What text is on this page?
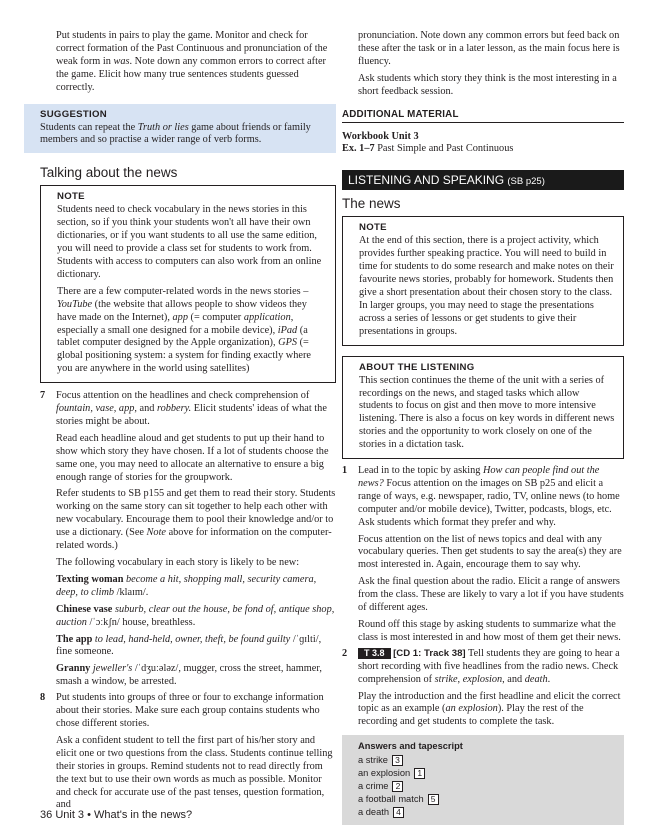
Put students in pairs to play the game. Monitor and check for correct formation of the Past Continuous and pronunciation of the weak form in was. Note down any common errors to correct after the game. Elicit how many true sentences students guessed correctly.

SUGGESTION

Students can repeat the Truth or lies game about friends or family members and so practise a wider range of verb forms.

Talking about the news
NOTE

Students need to check vocabulary in the news stories in this section, so if you think your students won't all have their own dictionaries, or if you want students to all use the same edition, you will need to provide a class set for students to work from. Students with access to computers can also work from an online dictionary.

There are a few computer-related words in the news stories – YouTube (the website that allows people to show videos they have made on the Internet), app (= computer application, especially a small one designed for a mobile device), iPad (a tablet computer designed by the Apple organization), GPS (= global positioning system: a system for finding exactly where you are anywhere in the world using satellites)

7 Focus attention on the headlines and check comprehension of fountain, vase, app, and robbery. Elicit students' ideas of what the stories might be about.

Read each headline aloud and get students to put up their hand to show which story they have chosen. If a lot of students choose the same one, you may need to allocate an alternative to ensure a big enough range of stories for the groupwork.

Refer students to SB p155 and get them to read their story. Students working on the same story can sit together to help each other with new vocabulary. Encourage them to pool their knowledge and/or to use a dictionary. (See Note above for information on the computer-related words.)

The following vocabulary in each story is likely to be new:

Texting woman become a hit, shopping mall, security camera, deep, to climb /klaɪm/.

Chinese vase suburb, clear out the house, be fond of, antique shop, auction /ˈɔːkʃn/ house, breathless.

The app to lead, hand-held, owner, theft, be found guilty /ˈɡɪlti/, fine someone.

Granny jeweller's /ˈdʒuːələz/, mugger, cross the street, hammer, smash a window, be arrested.

8 Put students into groups of three or four to exchange information about their stories. Make sure each group contains students who chose different stories.

Ask a confident student to tell the first part of his/her story and elicit one or two questions from the class. Students continue telling their stories in groups. Remind students not to read directly from the text but to use their own words as much as possible. Monitor and check for accurate use of the past tenses, question formation, and

pronunciation. Note down any common errors but feed back on these after the task or in a later lesson, as the main focus here is fluency.

Ask students which story they think is the most interesting in a short feedback session.

ADDITIONAL MATERIAL

Workbook Unit 3

Ex. 1–7 Past Simple and Past Continuous

LISTENING AND SPEAKING (SB p25)
The news
NOTE

At the end of this section, there is a project activity, which provides further speaking practice. You will need to build in time for students to do some research and make notes on their favourite news stories, probably for homework. Students then give a short presentation about their chosen story to the class. In larger groups, you may need to stage the presentations across a series of lessons or get students to give their presentations in groups.

ABOUT THE LISTENING

This section continues the theme of the unit with a series of recordings on the news, and staged tasks which allow students to focus on gist and then move to more intensive listening. There is also a focus on key words in different news stories and the opportunity to work closely on one of the stories in a dictation task.

1 Lead in to the topic by asking How can people find out the news? Focus attention on the images on SB p25 and elicit a range of ways, e.g. newspaper, radio, TV, online news (to home computer and/or mobile device), Twitter, podcasts, blogs, etc. Ask students which format they prefer and why.

Focus attention on the list of news topics and deal with any vocabulary queries. Then get students to say the area(s) they are most interested in. Again, encourage them to say why.

Ask the final question about the radio. Elicit a range of answers from the class. These are likely to vary a lot if you have students of different ages.

Round off this stage by asking students to summarize what the class is most interested in and how most of them get their news.

2	T 3.8 [CD 1: Track 38] Tell students they are going to hear a short recording with five headlines from the radio news. Check comprehension of strike, explosion, and death.

Play the introduction and the first headline and elicit the correct topic as an example (an explosion). Play the rest of the recording and get students to complete the task.

Answers and tapescript
a strike 3
an explosion 1
a crime 2
a football match 5
a death 4
36 Unit 3 • What's in the news?
